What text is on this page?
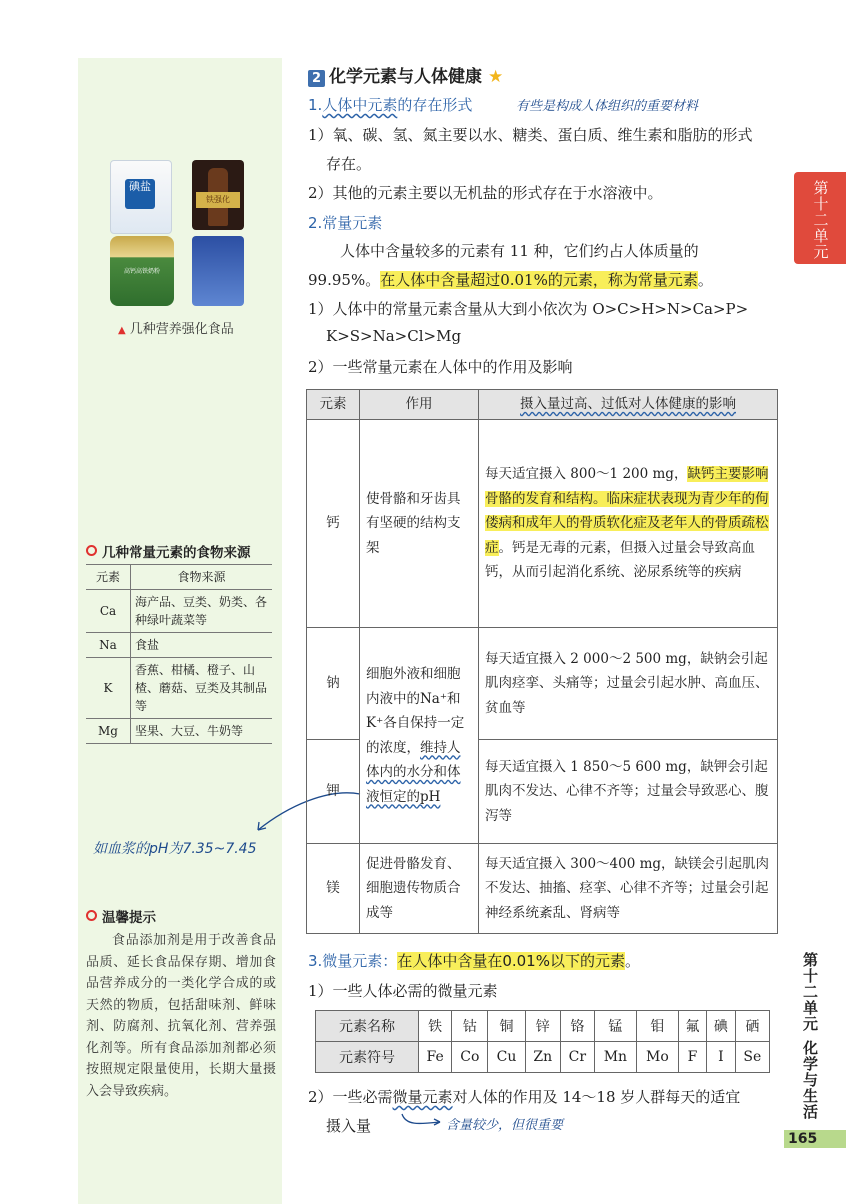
碘盐
铁强化
高钙高铁奶粉
▲ 几种营养强化食品
几种常量元素的食物来源
元素	食物来源
Ca	海产品、豆类、奶类、各种绿叶蔬菜等
Na	食盐
K	香蕉、柑橘、橙子、山楂、蘑菇、豆类及其制品等
Mg	坚果、大豆、牛奶等
如血浆的pH为7.35~7.45
温馨提示
食品添加剂是用于改善食品品质、延长食品保存期、增加食品营养成分的一类化学合成的或天然的物质，包括甜味剂、鲜味剂、防腐剂、抗氧化剂、营养强化剂等。所有食品添加剂都必须按照规定限量使用，长期大量摄入会导致疾病。
2 化学元素与人体健康 ★
1.人体中元素的存在形式	有些是构成人体组织的重要材料
1）氧、碳、氢、氮主要以水、糖类、蛋白质、维生素和脂肪的形式
存在。
2）其他的元素主要以无机盐的形式存在于水溶液中。
2.常量元素
人体中含量较多的元素有 11 种，它们约占人体质量的
99.95%。在人体中含量超过0.01%的元素，称为常量元素。
1）人体中的常量元素含量从大到小依次为 O>C>H>N>Ca>P>
K>S>Na>Cl>Mg
2）一些常量元素在人体中的作用及影响
元素	作用	摄入量过高、过低对人体健康的影响
钙	使骨骼和牙齿具有坚硬的结构支架	每天适宜摄入 800～1 200 mg，缺钙主要影响骨骼的发育和结构。临床症状表现为青少年的佝偻病和成年人的骨质软化症及老年人的骨质疏松症。钙是无毒的元素，但摄入过量会导致高血钙，从而引起消化系统、泌尿系统等的疾病
钠	细胞外液和细胞内液中的Na⁺和K⁺各自保持一定的浓度，维持人体内的水分和体液恒定的pH	每天适宜摄入 2 000～2 500 mg，缺钠会引起肌肉痉挛、头痛等；过量会引起水肿、高血压、贫血等
钾		每天适宜摄入 1 850～5 600 mg，缺钾会引起肌肉不发达、心律不齐等；过量会导致恶心、腹泻等
镁	促进骨骼发育、细胞遗传物质合成等	每天适宜摄入 300～400 mg，缺镁会引起肌肉不发达、抽搐、痉挛、心律不齐等；过量会引起神经系统紊乱、肾病等
3.微量元素：在人体中含量在0.01%以下的元素。
1）一些人体必需的微量元素
元素名称	铁	钴	铜	锌	铬	锰	钼	氟	碘	硒
元素符号	Fe	Co	Cu	Zn	Cr	Mn	Mo	F	I	Se
2）一些必需微量元素对人体的作用及 14～18 岁人群每天的适宜
摄入量	含量较少，但很重要
第十二单元
第十二单元
化学与生活
165
